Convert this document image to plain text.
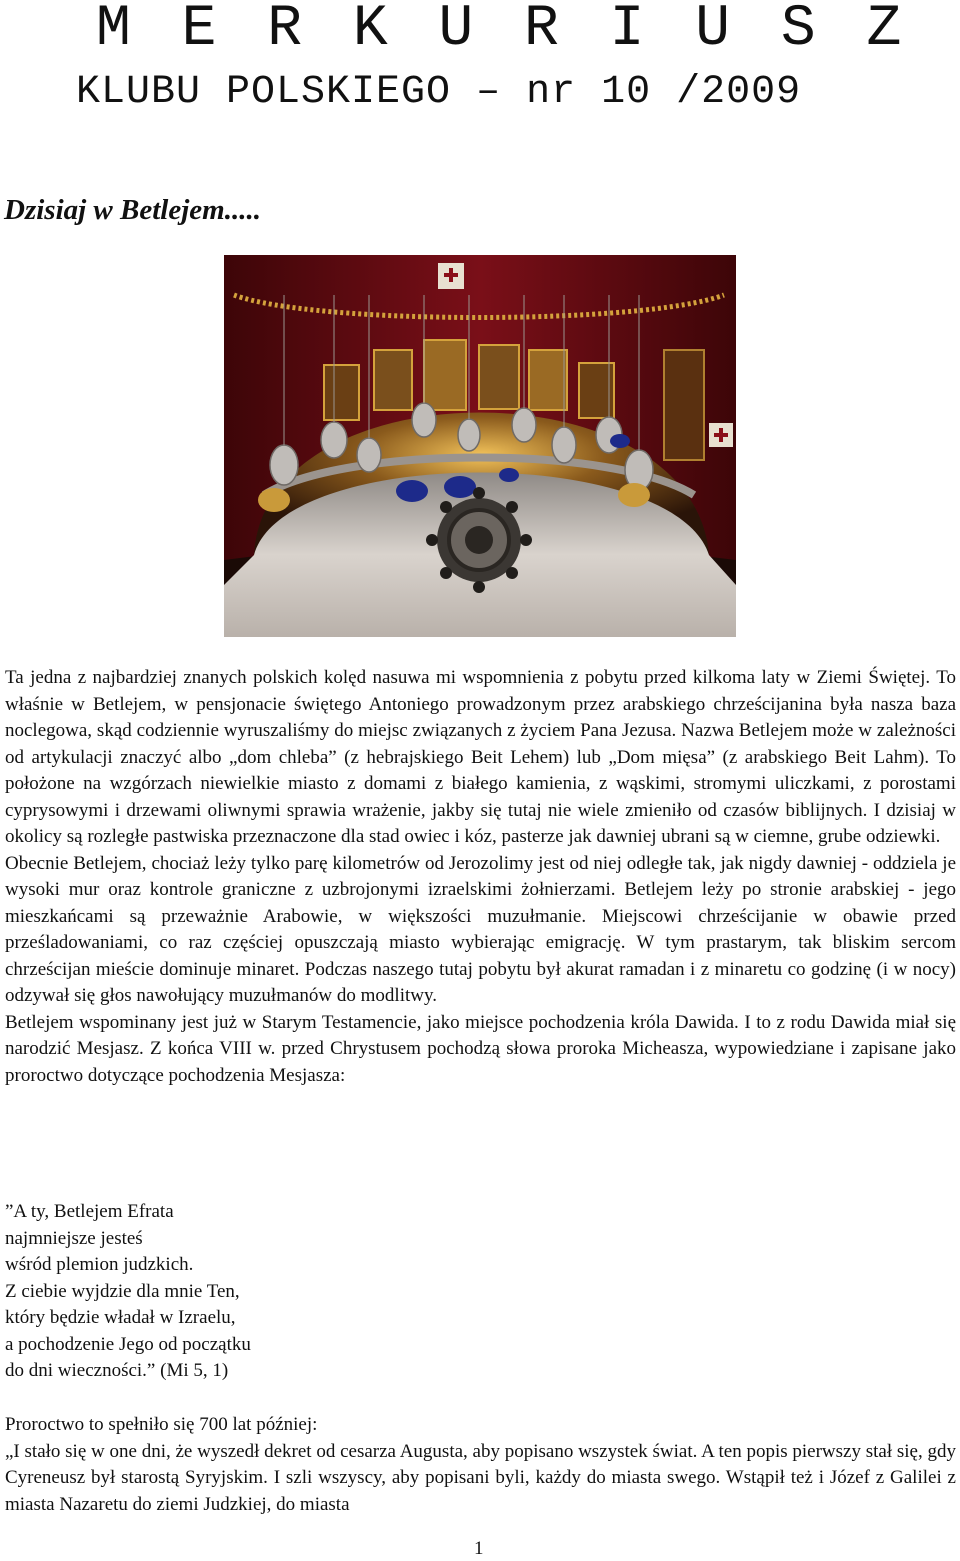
M E R K U R I U S Z
KLUBU POLSKIEGO – nr 10 /2009
Dzisiaj w Betlejem.....

Ta jedna z najbardziej znanych polskich kolęd nasuwa mi wspomnienia z pobytu przed kilkoma laty w Ziemi Świętej. To właśnie w Betlejem, w pensjonacie świętego Antoniego prowadzonym przez arabskiego chrześcijanina była nasza baza noclegowa, skąd codziennie wyruszaliśmy do miejsc związanych z życiem Pana Jezusa. Nazwa Betlejem może w zależności od artykulacji znaczyć albo „dom chleba” (z hebrajskiego Beit Lehem) lub „Dom mięsa” (z arabskiego Beit Lahm). To położone na wzgórzach niewielkie miasto z domami z białego kamienia, z wąskimi, stromymi uliczkami, z porostami cyprysowymi i drzewami oliwnymi sprawia wrażenie, jakby się tutaj nie wiele zmieniło od czasów biblijnych. I dzisiaj w okolicy są rozległe pastwiska przeznaczone dla stad owiec i kóz, pasterze jak dawniej ubrani są w ciemne, grube odziewki.

Obecnie Betlejem, chociaż leży tylko parę kilometrów od Jerozolimy jest od niej odległe tak, jak nigdy dawniej - oddziela je wysoki mur oraz kontrole graniczne z uzbrojonymi izraelskimi żołnierzami. Betlejem leży po stronie arabskiej - jego mieszkańcami są przeważnie Arabowie, w większości muzułmanie. Miejscowi chrześcijanie w obawie przed prześladowaniami, co raz częściej opuszczają miasto wybierając emigrację. W tym prastarym, tak bliskim sercom chrześcijan mieście dominuje minaret. Podczas naszego tutaj pobytu był akurat ramadan i z minaretu co godzinę (i w nocy) odzywał się głos nawołujący muzułmanów do modlitwy.

Betlejem wspominany jest już w Starym Testamencie, jako miejsce pochodzenia króla Dawida. I to z rodu Dawida miał się narodzić Mesjasz. Z końca VIII w. przed Chrystusem pochodzą słowa proroka Micheasza, wypowiedziane i zapisane jako proroctwo dotyczące pochodzenia Mesjasza:

”A ty, Betlejem Efrata
najmniejsze jesteś
wśród plemion judzkich.
Z ciebie wyjdzie dla mnie Ten,
który będzie władał w Izraelu,
a pochodzenie Jego od początku
do dni wieczności.” (Mi 5, 1)

Proroctwo to spełniło się 700 lat później:

„I stało się w one dni, że wyszedł dekret od cesarza Augusta, aby popisano wszystek świat. A ten popis pierwszy stał się, gdy Cyreneusz był starostą Syryjskim. I szli wszyscy, aby popisani byli, każdy do miasta swego. Wstąpił też i Józef z Galilei z miasta Nazaretu do ziemi Judzkiej, do miasta

1
